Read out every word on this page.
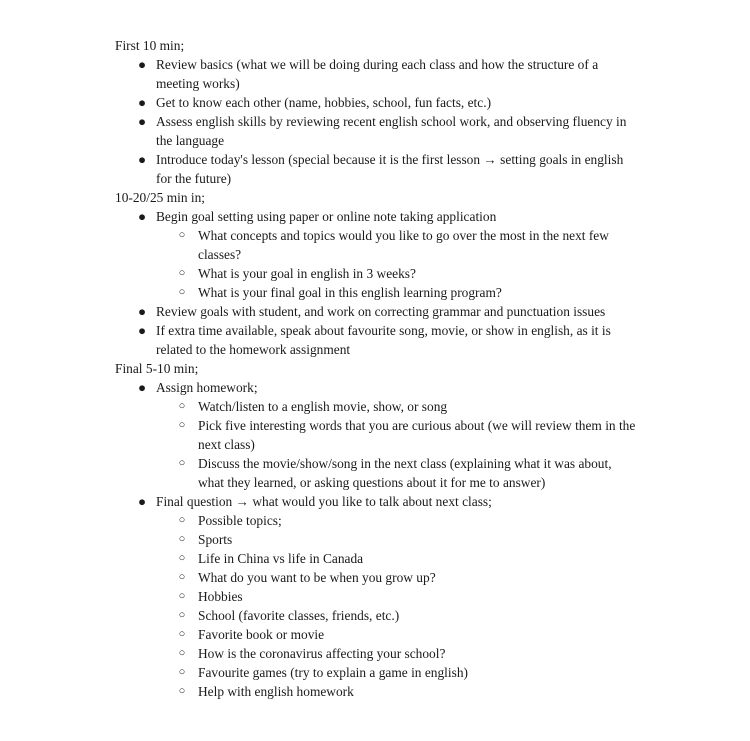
First 10 min;
● Review basics (what we will be doing during each class and how the structure of a meeting works)
● Get to know each other (name, hobbies, school, fun facts, etc.)
● Assess english skills by reviewing recent english school work, and observing fluency in the language
● Introduce today's lesson (special because it is the first lesson → setting goals in english for the future)
10-20/25 min in;
● Begin goal setting using paper or online note taking application
○ What concepts and topics would you like to go over the most in the next few classes?
○ What is your goal in english in 3 weeks?
○ What is your final goal in this english learning program?
● Review goals with student, and work on correcting grammar and punctuation issues
● If extra time available, speak about favourite song, movie, or show in english, as it is related to the homework assignment
Final 5-10 min;
● Assign homework;
○ Watch/listen to a english movie, show, or song
○ Pick five interesting words that you are curious about (we will review them in the next class)
○ Discuss the movie/show/song in the next class (explaining what it was about, what they learned, or asking questions about it for me to answer)
● Final question → what would you like to talk about next class;
○ Possible topics;
○ Sports
○ Life in China vs life in Canada
○ What do you want to be when you grow up?
○ Hobbies
○ School (favorite classes, friends, etc.)
○ Favorite book or movie
○ How is the coronavirus affecting your school?
○ Favourite games (try to explain a game in english)
○ Help with english homework
